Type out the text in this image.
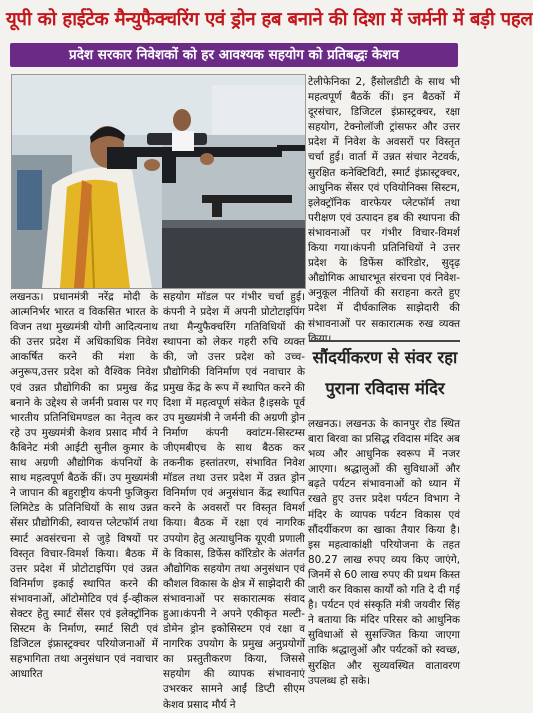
यूपी को हाईटेक मैन्युफैक्चरिंग एवं ड्रोन हब बनाने की दिशा में जर्मनी में बड़ी पहल
प्रदेश सरकार निवेशकों को हर आवश्यक सहयोग को प्रतिबद्धः केशव

टेलीफेनिका 2, हैंसोलडीटी के साथ भी महत्वपूर्ण बैठकें कीं। इन बैठकों में दूरसंचार, डिजिटल इंफ्रास्ट्रक्चर, रक्षा सहयोग, टेक्नोलॉजी ट्रांसफर और उत्तर प्रदेश में निवेश के अवसरों पर विस्तृत चर्चा हुई। वार्ता में उन्नत संचार नेटवर्क, सुरक्षित कनेक्टिविटी, स्मार्ट इंफ्रास्ट्रक्चर, आधुनिक सेंसर एवं एवियोनिक्स सिस्टम, इलेक्ट्रॉनिक वारफेयर प्लेटफॉर्म तथा परीक्षण एवं उत्पादन हब की स्थापना की संभावनाओं पर गंभीर विचार-विमर्श किया गया।कंपनी प्रतिनिधियों ने उत्तर प्रदेश के डिफेंस कॉरिडोर, सुदृढ़ औद्योगिक आधारभूत संरचना एवं निवेश-अनुकूल नीतियों की सराहना करते हुए प्रदेश में दीर्घकालिक साझेदारी की संभावनाओं पर सकारात्मक रुख व्यक्त किया।

लखनऊ। प्रधानमंत्री नरेंद्र मोदी के आत्मनिर्भर भारत व विकसित भारत के विजन तथा मुख्यमंत्री योगी आदित्यनाथ की उत्तर प्रदेश में अधिकाधिक निवेश आकर्षित करने की मंशा के अनुरूप,उत्तर प्रदेश को वैश्विक निवेश एवं उन्नत प्रौद्योगिकी का प्रमुख केंद्र बनाने के उद्देश्य से जर्मनी प्रवास पर गए भारतीय प्रतिनिधिमण्डल का नेतृत्व कर रहे उप मुख्यमंत्री केशव प्रसाद मौर्य ने कैबिनेट मंत्री आईटी सुनील कुमार के साथ अग्रणी औद्योगिक कंपनियों के साथ महत्वपूर्ण बैठकें कीं। उप मुख्यमंत्री ने जापान की बहुराष्ट्रीय कंपनी फुजिकुरा लिमिटेड के प्रतिनिधियों के साथ उन्नत सेंसर प्रौद्योगिकी, स्वायत्त प्लेटफॉर्म तथा स्मार्ट अवसंरचना से जुड़े विषयों पर विस्तृत विचार-विमर्श किया। बैठक में उत्तर प्रदेश में प्रोटोटाइपिंग एवं उन्नत विनिर्माण इकाई स्थापित करने की संभावनाओं, ऑटोमोटिव एवं ई-व्हीकल सेक्टर हेतु स्मार्ट सेंसर एवं इलेक्ट्रॉनिक सिस्टम के निर्माण, स्मार्ट सिटी एवं डिजिटल इंफ्रास्ट्रक्चर परियोजनाओं में सहभागिता तथा अनुसंधान एवं नवाचार आधारित

सहयोग मॉडल पर गंभीर चर्चा हुई। कंपनी ने प्रदेश में अपनी प्रोटोटाइपिंग तथा मैन्युफैक्चरिंग गतिविधियों की स्थापना को लेकर गहरी रुचि व्यक्त की, जो उत्तर प्रदेश को उच्च-प्रौद्योगिकी विनिर्माण एवं नवाचार के प्रमुख केंद्र के रूप में स्थापित करने की दिशा में महत्वपूर्ण संकेत है।इसके पूर्व उप मुख्यमंत्री ने जर्मनी की अग्रणी ड्रोन निर्माण कंपनी क्वांटम-सिस्टम्स जीएमबीएच के साथ बैठक कर तकनीक हस्तांतरण, संभावित निवेश मॉडल तथा उत्तर प्रदेश में उन्नत ड्रोन विनिर्माण एवं अनुसंधान केंद्र स्थापित करने के अवसरों पर विस्तृत विमर्श किया। बैठक में रक्षा एवं नागरिक उपयोग हेतु अत्याधुनिक यूएवी प्रणाली के विकास, डिफेंस कॉरिडोर के अंतर्गत औद्योगिक सहयोग तथा अनुसंधान एवं कौशल विकास के क्षेत्र में साझेदारी की संभावनाओं पर सकारात्मक संवाद हुआ।कंपनी ने अपने एकीकृत मल्टी-डोमेन ड्रोन इकोसिस्टम एवं रक्षा व नागरिक उपयोग के प्रमुख अनुप्रयोगों का प्रस्तुतीकरण किया, जिससे सहयोग की व्यापक संभावनाएं उभरकर सामने आईं डिप्टी सीएम केशव प्रसाद मौर्य ने

सौंदर्यीकरण से संवर रहा पुराना रविदास मंदिर

लखनऊ। लखनऊ के कानपुर रोड स्थित बारा बिरवा का प्रसिद्ध रविदास मंदिर अब भव्य और आधुनिक स्वरूप में नजर आएगा। श्रद्धालुओं की सुविधाओं और बढ़ते पर्यटन संभावनाओं को ध्यान में रखते हुए उत्तर प्रदेश पर्यटन विभाग ने मंदिर के व्यापक पर्यटन विकास एवं सौंदर्यीकरण का खाका तैयार किया है। इस महत्वाकांक्षी परियोजना के तहत 80.27 लाख रुपए व्यय किए जाएंगे, जिनमें से 60 लाख रुपए की प्रथम किस्त जारी कर विकास कार्यों को गति दे दी गई है। पर्यटन एवं संस्कृति मंत्री जयवीर सिंह ने बताया कि मंदिर परिसर को आधुनिक सुविधाओं से सुसज्जित किया जाएगा ताकि श्रद्धालुओं और पर्यटकों को स्वच्छ, सुरक्षित और सुव्यवस्थित वातावरण उपलब्ध हो सके।
